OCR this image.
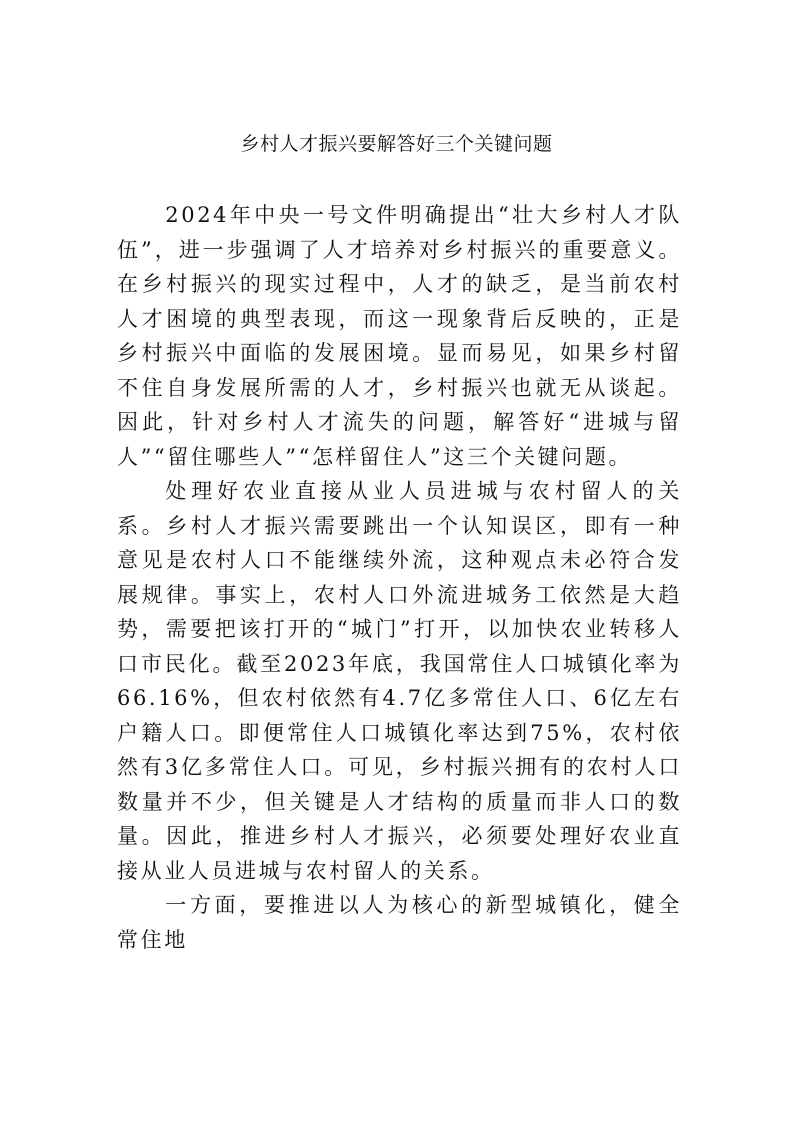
乡村人才振兴要解答好三个关键问题

2024年中央一号文件明确提出“壮大乡村人才队伍”，进一步强调了人才培养对乡村振兴的重要意义。在乡村振兴的现实过程中，人才的缺乏，是当前农村人才困境的典型表现，而这一现象背后反映的，正是乡村振兴中面临的发展困境。显而易见，如果乡村留不住自身发展所需的人才，乡村振兴也就无从谈起。因此，针对乡村人才流失的问题，解答好“进城与留人”“留住哪些人”“怎样留住人”这三个关键问题。

处理好农业直接从业人员进城与农村留人的关系。乡村人才振兴需要跳出一个认知误区，即有一种意见是农村人口不能继续外流，这种观点未必符合发展规律。事实上，农村人口外流进城务工依然是大趋势，需要把该打开的“城门”打开，以加快农业转移人口市民化。截至2023年底，我国常住人口城镇化率为66.16%，但农村依然有4.7亿多常住人口、6亿左右户籍人口。即便常住人口城镇化率达到75%，农村依然有3亿多常住人口。可见，乡村振兴拥有的农村人口数量并不少，但关键是人才结构的质量而非人口的数量。因此，推进乡村人才振兴，必须要处理好农业直接从业人员进城与农村留人的关系。

一方面，要推进以人为核心的新型城镇化，健全常住地
